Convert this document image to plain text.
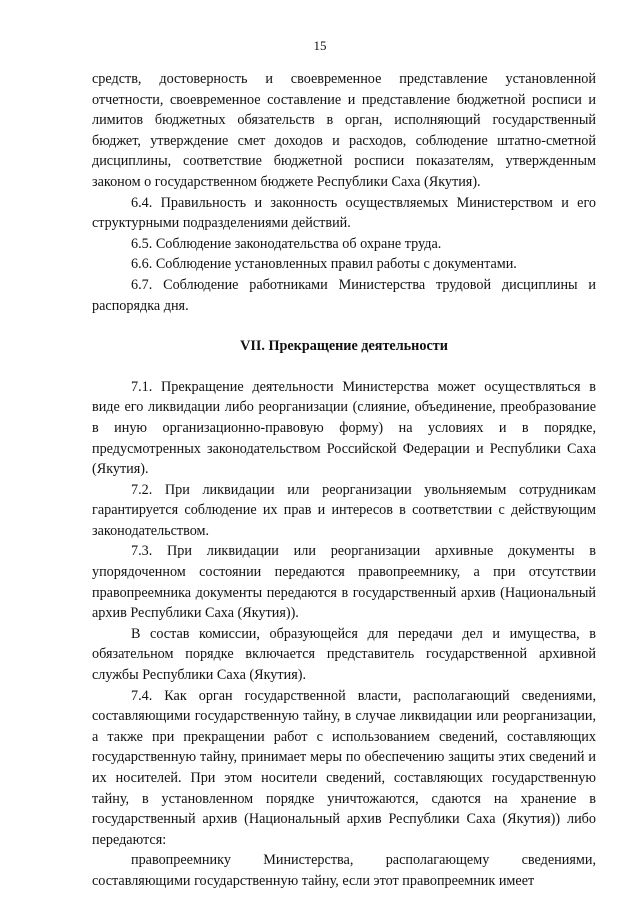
15

средств, достоверность и своевременное представление установленной отчетности, своевременное составление и представление бюджетной росписи и лимитов бюджетных обязательств в орган, исполняющий государственный бюджет, утверждение смет доходов и расходов, соблюдение штатно-сметной дисциплины, соответствие бюджетной росписи показателям, утвержденным законом о государственном бюджете Республики Саха (Якутия).

6.4. Правильность и законность осуществляемых Министерством и его структурными подразделениями действий.

6.5. Соблюдение законодательства об охране труда.

6.6. Соблюдение установленных правил работы с документами.

6.7. Соблюдение работниками Министерства трудовой дисциплины и распорядка дня.

VII. Прекращение деятельности

7.1. Прекращение деятельности Министерства может осуществляться в виде его ликвидации либо реорганизации (слияние, объединение, преобразование в иную организационно-правовую форму) на условиях и в порядке, предусмотренных законодательством Российской Федерации и Республики Саха (Якутия).

7.2. При ликвидации или реорганизации увольняемым сотрудникам гарантируется соблюдение их прав и интересов в соответствии с действующим законодательством.

7.3. При ликвидации или реорганизации архивные документы в упорядоченном состоянии передаются правопреемнику, а при отсутствии правопреемника документы передаются в государственный архив (Национальный архив Республики Саха (Якутия)).

В состав комиссии, образующейся для передачи дел и имущества, в обязательном порядке включается представитель государственной архивной службы Республики Саха (Якутия).

7.4. Как орган государственной власти, располагающий сведениями, составляющими государственную тайну, в случае ликвидации или реорганизации, а также при прекращении работ с использованием сведений, составляющих государственную тайну, принимает меры по обеспечению защиты этих сведений и их носителей. При этом носители сведений, составляющих государственную тайну, в установленном порядке уничтожаются, сдаются на хранение в государственный архив (Национальный архив Республики Саха (Якутия)) либо передаются:

правопреемнику Министерства, располагающему сведениями, составляющими государственную тайну, если этот правопреемник имеет
